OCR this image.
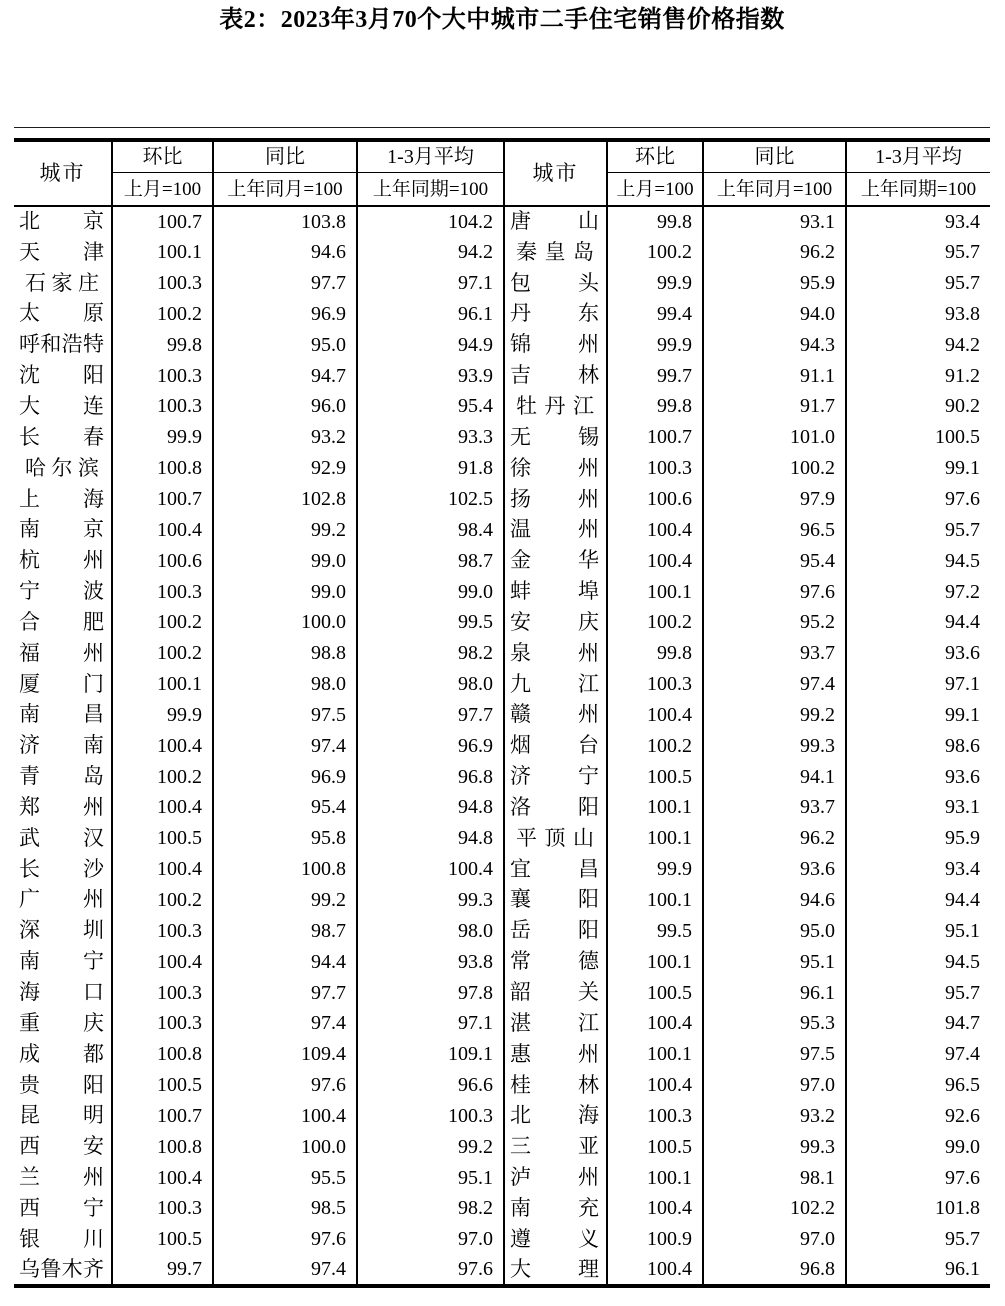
表2：2023年3月70个大中城市二手住宅销售价格指数
城市	环比	同比	1-3月平均	城市	环比	同比	1-3月平均
	上月=100	上年同月=100	上年同期=100		上月=100	上年同月=100	上年同期=100

北 京	100.7	103.8	104.2	唐 山	99.8	93.1	93.4

天 津	100.1	94.6	94.2	秦 皇 岛	100.2	96.2	95.7

石 家 庄	100.3	97.7	97.1	包 头	99.9	95.9	95.7

太 原	100.2	96.9	96.1	丹 东	99.4	94.0	93.8

呼 和 浩 特	99.8	95.0	94.9	锦 州	99.9	94.3	94.2

沈 阳	100.3	94.7	93.9	吉 林	99.7	91.1	91.2

大 连	100.3	96.0	95.4	牡 丹 江	99.8	91.7	90.2

长 春	99.9	93.2	93.3	无 锡	100.7	101.0	100.5

哈 尔 滨	100.8	92.9	91.8	徐 州	100.3	100.2	99.1

上 海	100.7	102.8	102.5	扬 州	100.6	97.9	97.6

南 京	100.4	99.2	98.4	温 州	100.4	96.5	95.7

杭 州	100.6	99.0	98.7	金 华	100.4	95.4	94.5

宁 波	100.3	99.0	99.0	蚌 埠	100.1	97.6	97.2

合 肥	100.2	100.0	99.5	安 庆	100.2	95.2	94.4

福 州	100.2	98.8	98.2	泉 州	99.8	93.7	93.6

厦 门	100.1	98.0	98.0	九 江	100.3	97.4	97.1

南 昌	99.9	97.5	97.7	赣 州	100.4	99.2	99.1

济 南	100.4	97.4	96.9	烟 台	100.2	99.3	98.6

青 岛	100.2	96.9	96.8	济 宁	100.5	94.1	93.6

郑 州	100.4	95.4	94.8	洛 阳	100.1	93.7	93.1

武 汉	100.5	95.8	94.8	平 顶 山	100.1	96.2	95.9

长 沙	100.4	100.8	100.4	宜 昌	99.9	93.6	93.4

广 州	100.2	99.2	99.3	襄 阳	100.1	94.6	94.4

深 圳	100.3	98.7	98.0	岳 阳	99.5	95.0	95.1

南 宁	100.4	94.4	93.8	常 德	100.1	95.1	94.5

海 口	100.3	97.7	97.8	韶 关	100.5	96.1	95.7

重 庆	100.3	97.4	97.1	湛 江	100.4	95.3	94.7

成 都	100.8	109.4	109.1	惠 州	100.1	97.5	97.4

贵 阳	100.5	97.6	96.6	桂 林	100.4	97.0	96.5

昆 明	100.7	100.4	100.3	北 海	100.3	93.2	92.6

西 安	100.8	100.0	99.2	三 亚	100.5	99.3	99.0

兰 州	100.4	95.5	95.1	泸 州	100.1	98.1	97.6

西 宁	100.3	98.5	98.2	南 充	100.4	102.2	101.8

银 川	100.5	97.6	97.0	遵 义	100.9	97.0	95.7

乌 鲁 木 齐	99.7	97.4	97.6	大 理	100.4	96.8	96.1
